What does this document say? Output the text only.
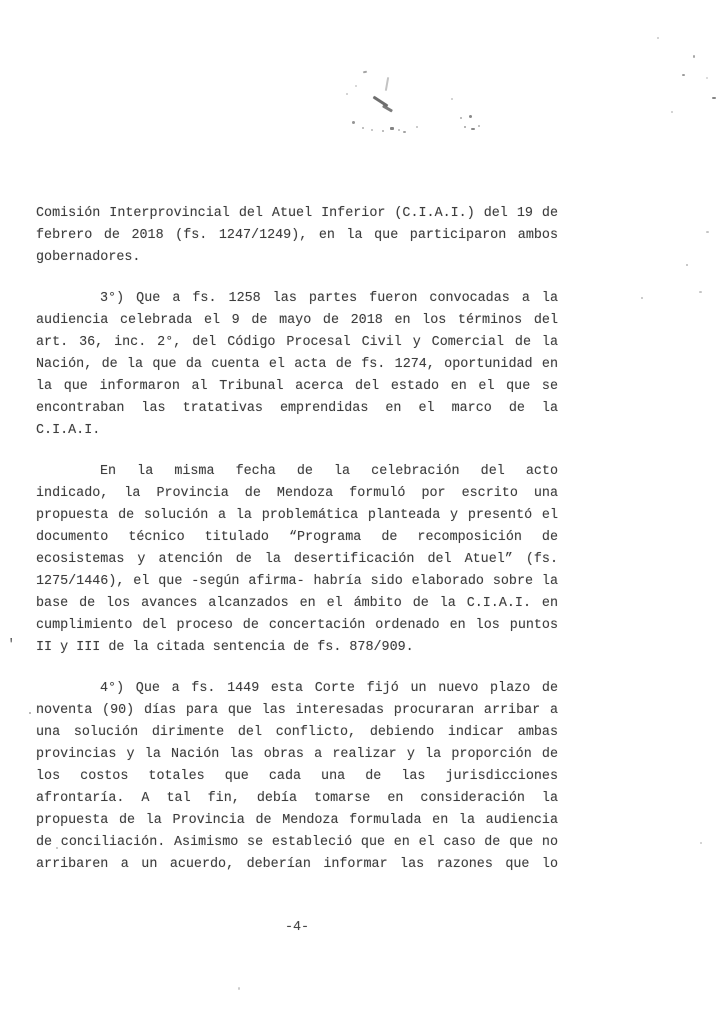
'
Comisión Interprovincial del Atuel Inferior (C.I.A.I.) del 19 de
febrero de 2018 (fs. 1247/1249), en la que participaron ambos
gobernadores.
3°) Que a fs. 1258 las partes fueron convocadas a la
audiencia celebrada el 9 de mayo de 2018 en los términos del
art. 36, inc. 2°, del Código Procesal Civil y Comercial de la
Nación, de la que da cuenta el acta de fs. 1274, oportunidad en
la que informaron al Tribunal acerca del estado en el que se
encontraban las tratativas emprendidas en el marco de la
C.I.A.I.
En la misma fecha de la celebración del acto
indicado, la Provincia de Mendoza formuló por escrito una
propuesta de solución a la problemática planteada y presentó el
documento técnico titulado “Programa de recomposición de
ecosistemas y atención de la desertificación del Atuel” (fs.
1275/1446), el que -según afirma- habría sido elaborado sobre la
base de los avances alcanzados en el ámbito de la C.I.A.I. en
cumplimiento del proceso de concertación ordenado en los puntos
II y III de la citada sentencia de fs. 878/909.
4°) Que a fs. 1449 esta Corte fijó un nuevo plazo de
noventa (90) días para que las interesadas procuraran arribar a
una solución dirimente del conflicto, debiendo indicar ambas
provincias y la Nación las obras a realizar y la proporción de
los costos totales que cada una de las jurisdicciones
afrontaría. A tal fin, debía tomarse en consideración la
propuesta de la Provincia de Mendoza formulada en la audiencia
de conciliación. Asimismo se estableció que en el caso de que no
arribaren a un acuerdo, deberían informar las razones que lo
-4-
